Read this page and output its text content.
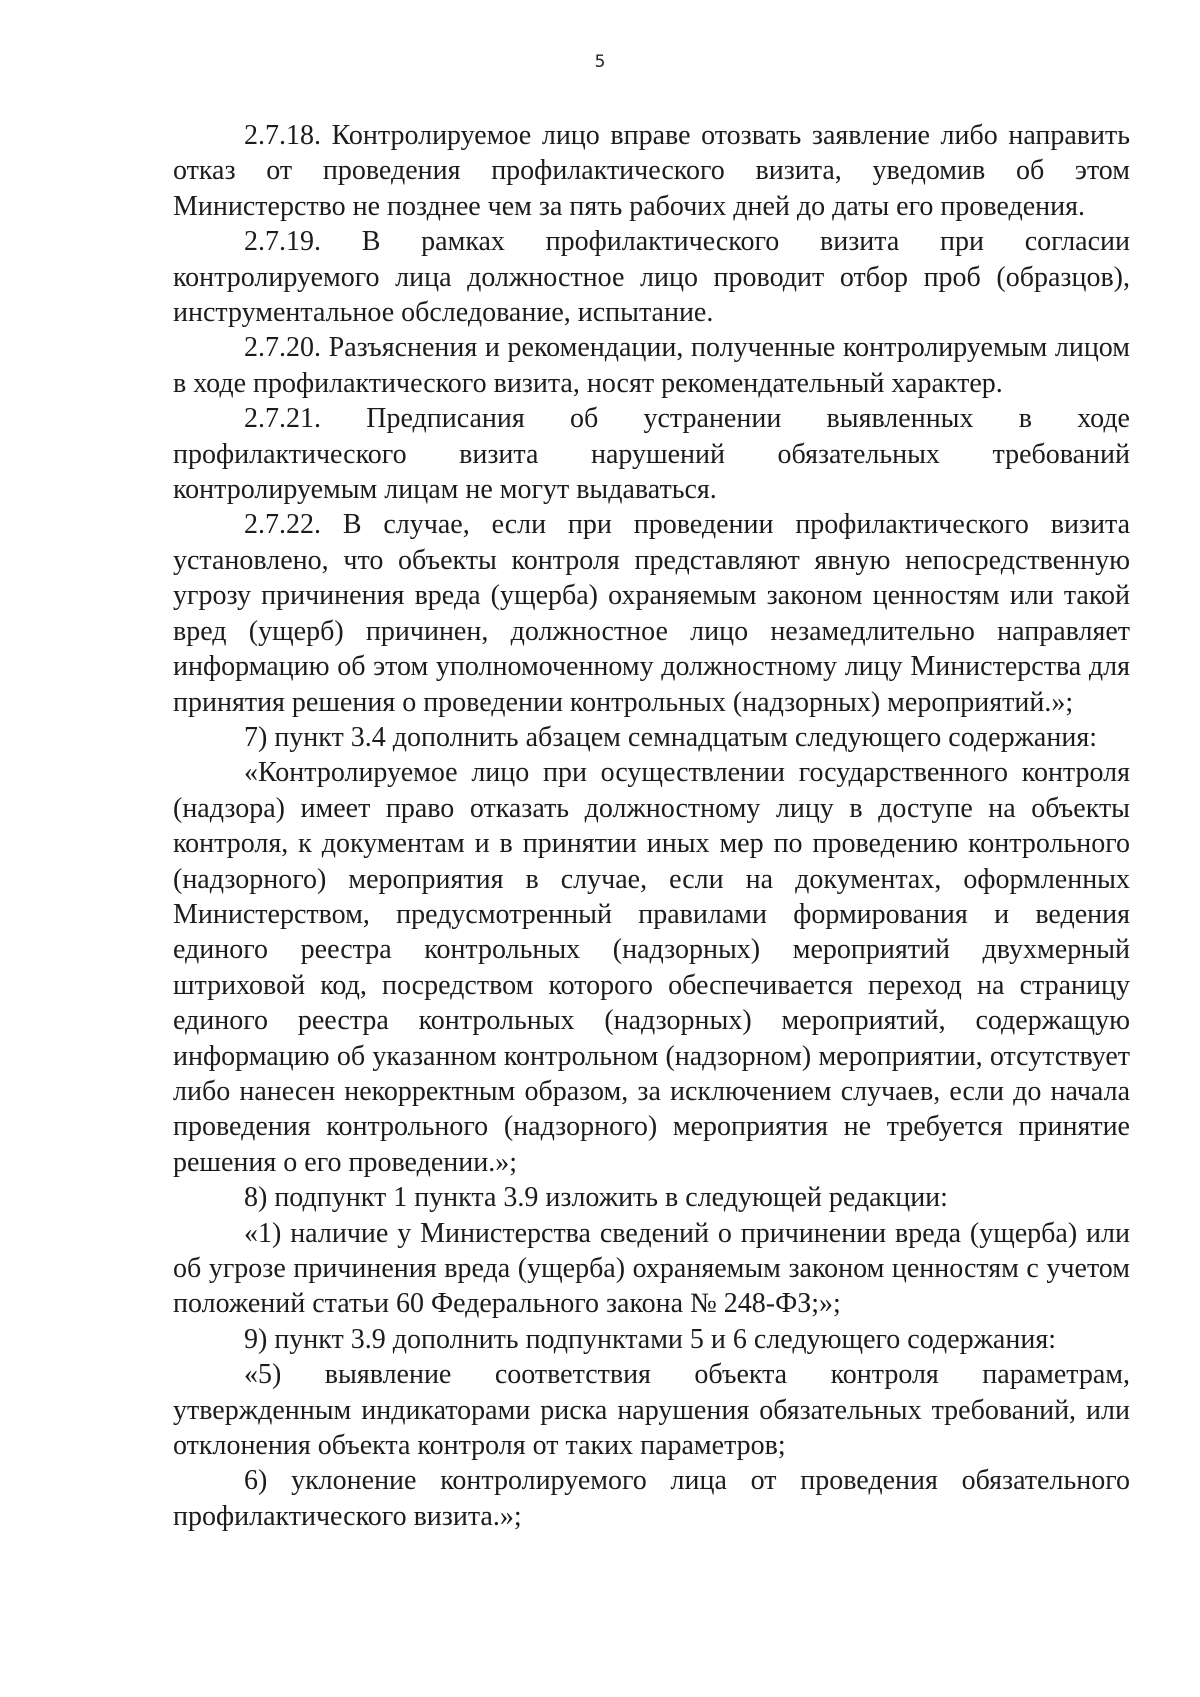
5

2.7.18. Контролируемое лицо вправе отозвать заявление либо направить отказ от проведения профилактического визита, уведомив об этом Министерство не позднее чем за пять рабочих дней до даты его проведения.

2.7.19. В рамках профилактического визита при согласии контролируемого лица должностное лицо проводит отбор проб (образцов), инструментальное обследование, испытание.

2.7.20. Разъяснения и рекомендации, полученные контролируемым лицом в ходе профилактического визита, носят рекомендательный характер.

2.7.21. Предписания об устранении выявленных в ходе профилактического визита нарушений обязательных требований контролируемым лицам не могут выдаваться.

2.7.22. В случае, если при проведении профилактического визита установлено, что объекты контроля представляют явную непосредственную угрозу причинения вреда (ущерба) охраняемым законом ценностям или такой вред (ущерб) причинен, должностное лицо незамедлительно направляет информацию об этом уполномоченному должностному лицу Министерства для принятия решения о проведении контрольных (надзорных) мероприятий.»;

7) пункт 3.4 дополнить абзацем семнадцатым следующего содержания:

«Контролируемое лицо при осуществлении государственного контроля (надзора) имеет право отказать должностному лицу в доступе на объекты контроля, к документам и в принятии иных мер по проведению контрольного (надзорного) мероприятия в случае, если на документах, оформленных Министерством, предусмотренный правилами формирования и ведения единого реестра контрольных (надзорных) мероприятий двухмерный штриховой код, посредством которого обеспечивается переход на страницу единого реестра контрольных (надзорных) мероприятий, содержащую информацию об указанном контрольном (надзорном) мероприятии, отсутствует либо нанесен некорректным образом, за исключением случаев, если до начала проведения контрольного (надзорного) мероприятия не требуется принятие решения о его проведении.»;

8) подпункт 1 пункта 3.9 изложить в следующей редакции:

«1) наличие у Министерства сведений о причинении вреда (ущерба) или об угрозе причинения вреда (ущерба) охраняемым законом ценностям с учетом положений статьи 60 Федерального закона № 248-ФЗ;»;

9) пункт 3.9 дополнить подпунктами 5 и 6 следующего содержания:

«5) выявление соответствия объекта контроля параметрам, утвержденным индикаторами риска нарушения обязательных требований, или отклонения объекта контроля от таких параметров;

6) уклонение контролируемого лица от проведения обязательного профилактического визита.»;
